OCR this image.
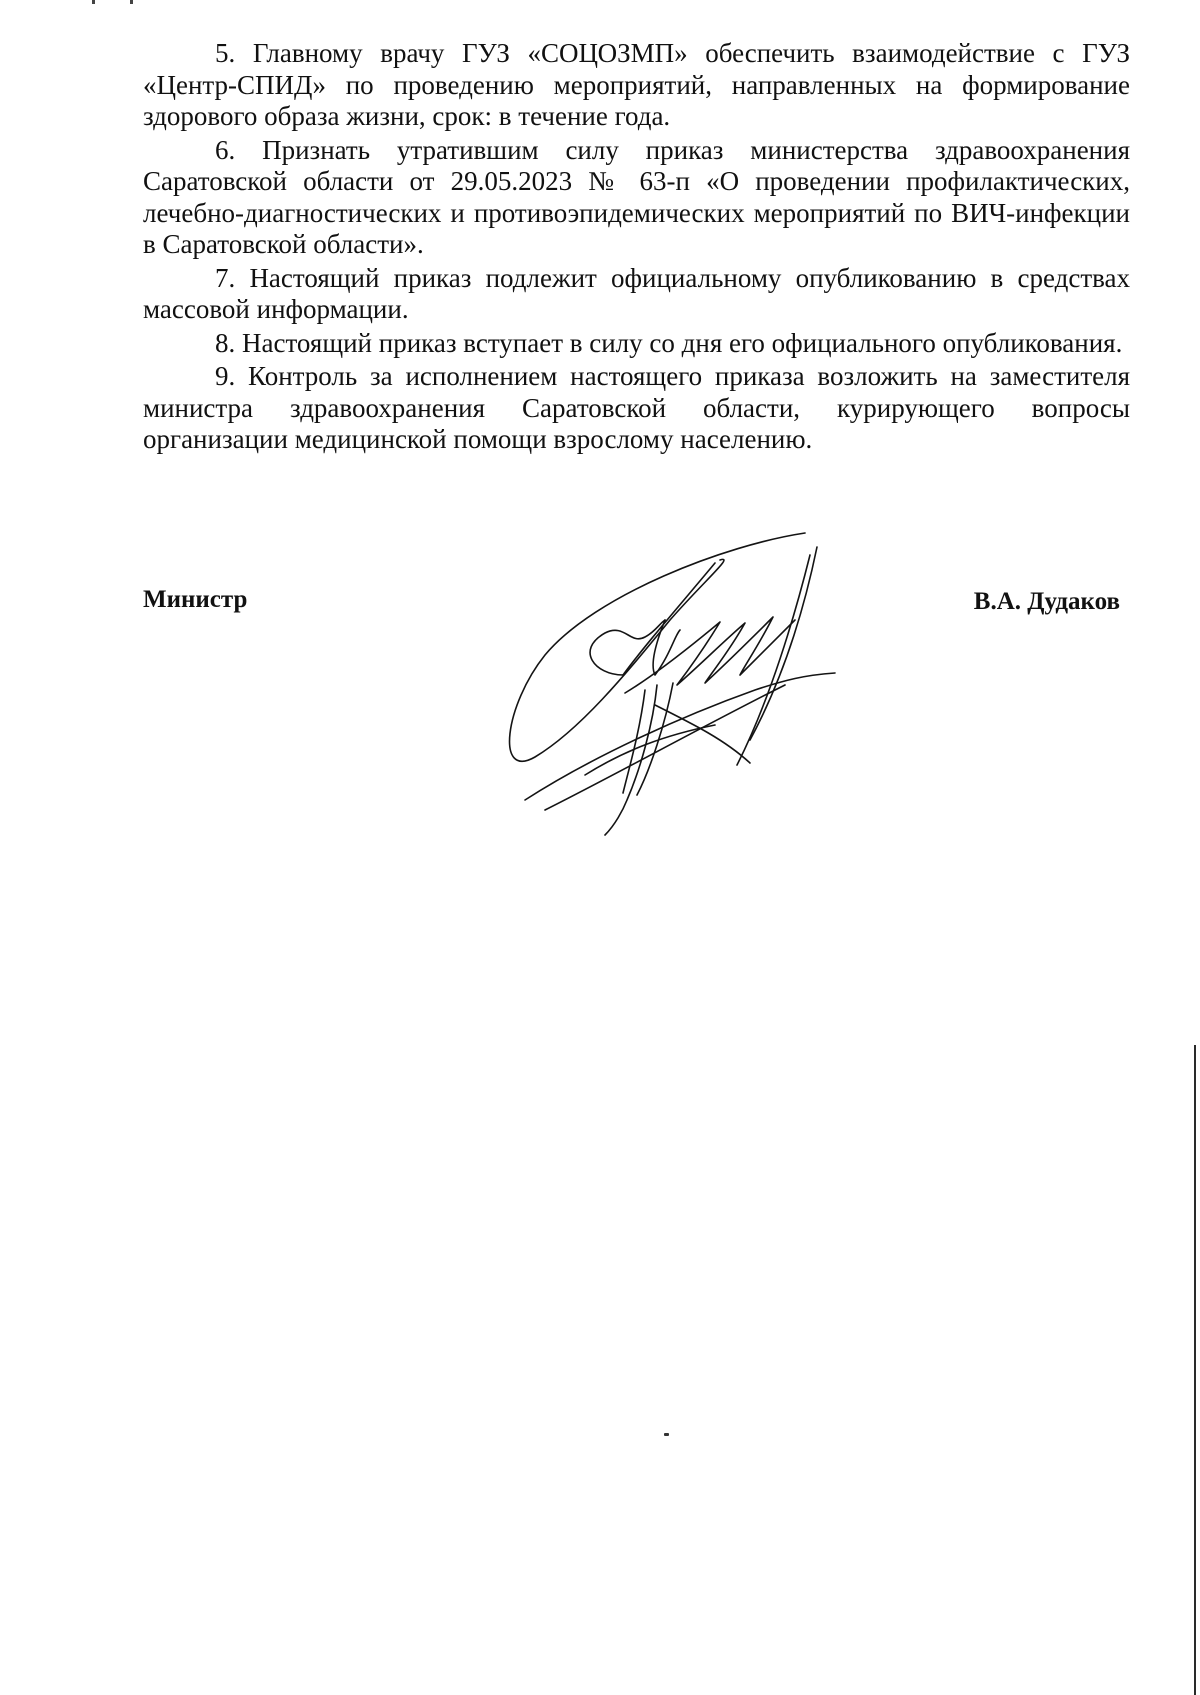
5. Главному врачу ГУЗ «СОЦОЗМП» обеспечить взаимодействие с ГУЗ «Центр-СПИД» по проведению мероприятий, направленных на формирование здорового образа жизни, срок: в течение года.

6. Признать утратившим силу приказ министерства здравоохранения Саратовской области от 29.05.2023 № 63-п «О проведении профилактических, лечебно-диагностических и противоэпидемических мероприятий по ВИЧ-инфекции в Саратовской области».

7. Настоящий приказ подлежит официальному опубликованию в средствах массовой информации.

8. Настоящий приказ вступает в силу со дня его официального опубликования.

9. Контроль за исполнением настоящего приказа возложить на заместителя министра здравоохранения Саратовской области, курирующего вопросы организации медицинской помощи взрослому населению.

Министр	В.А. Дудаков
